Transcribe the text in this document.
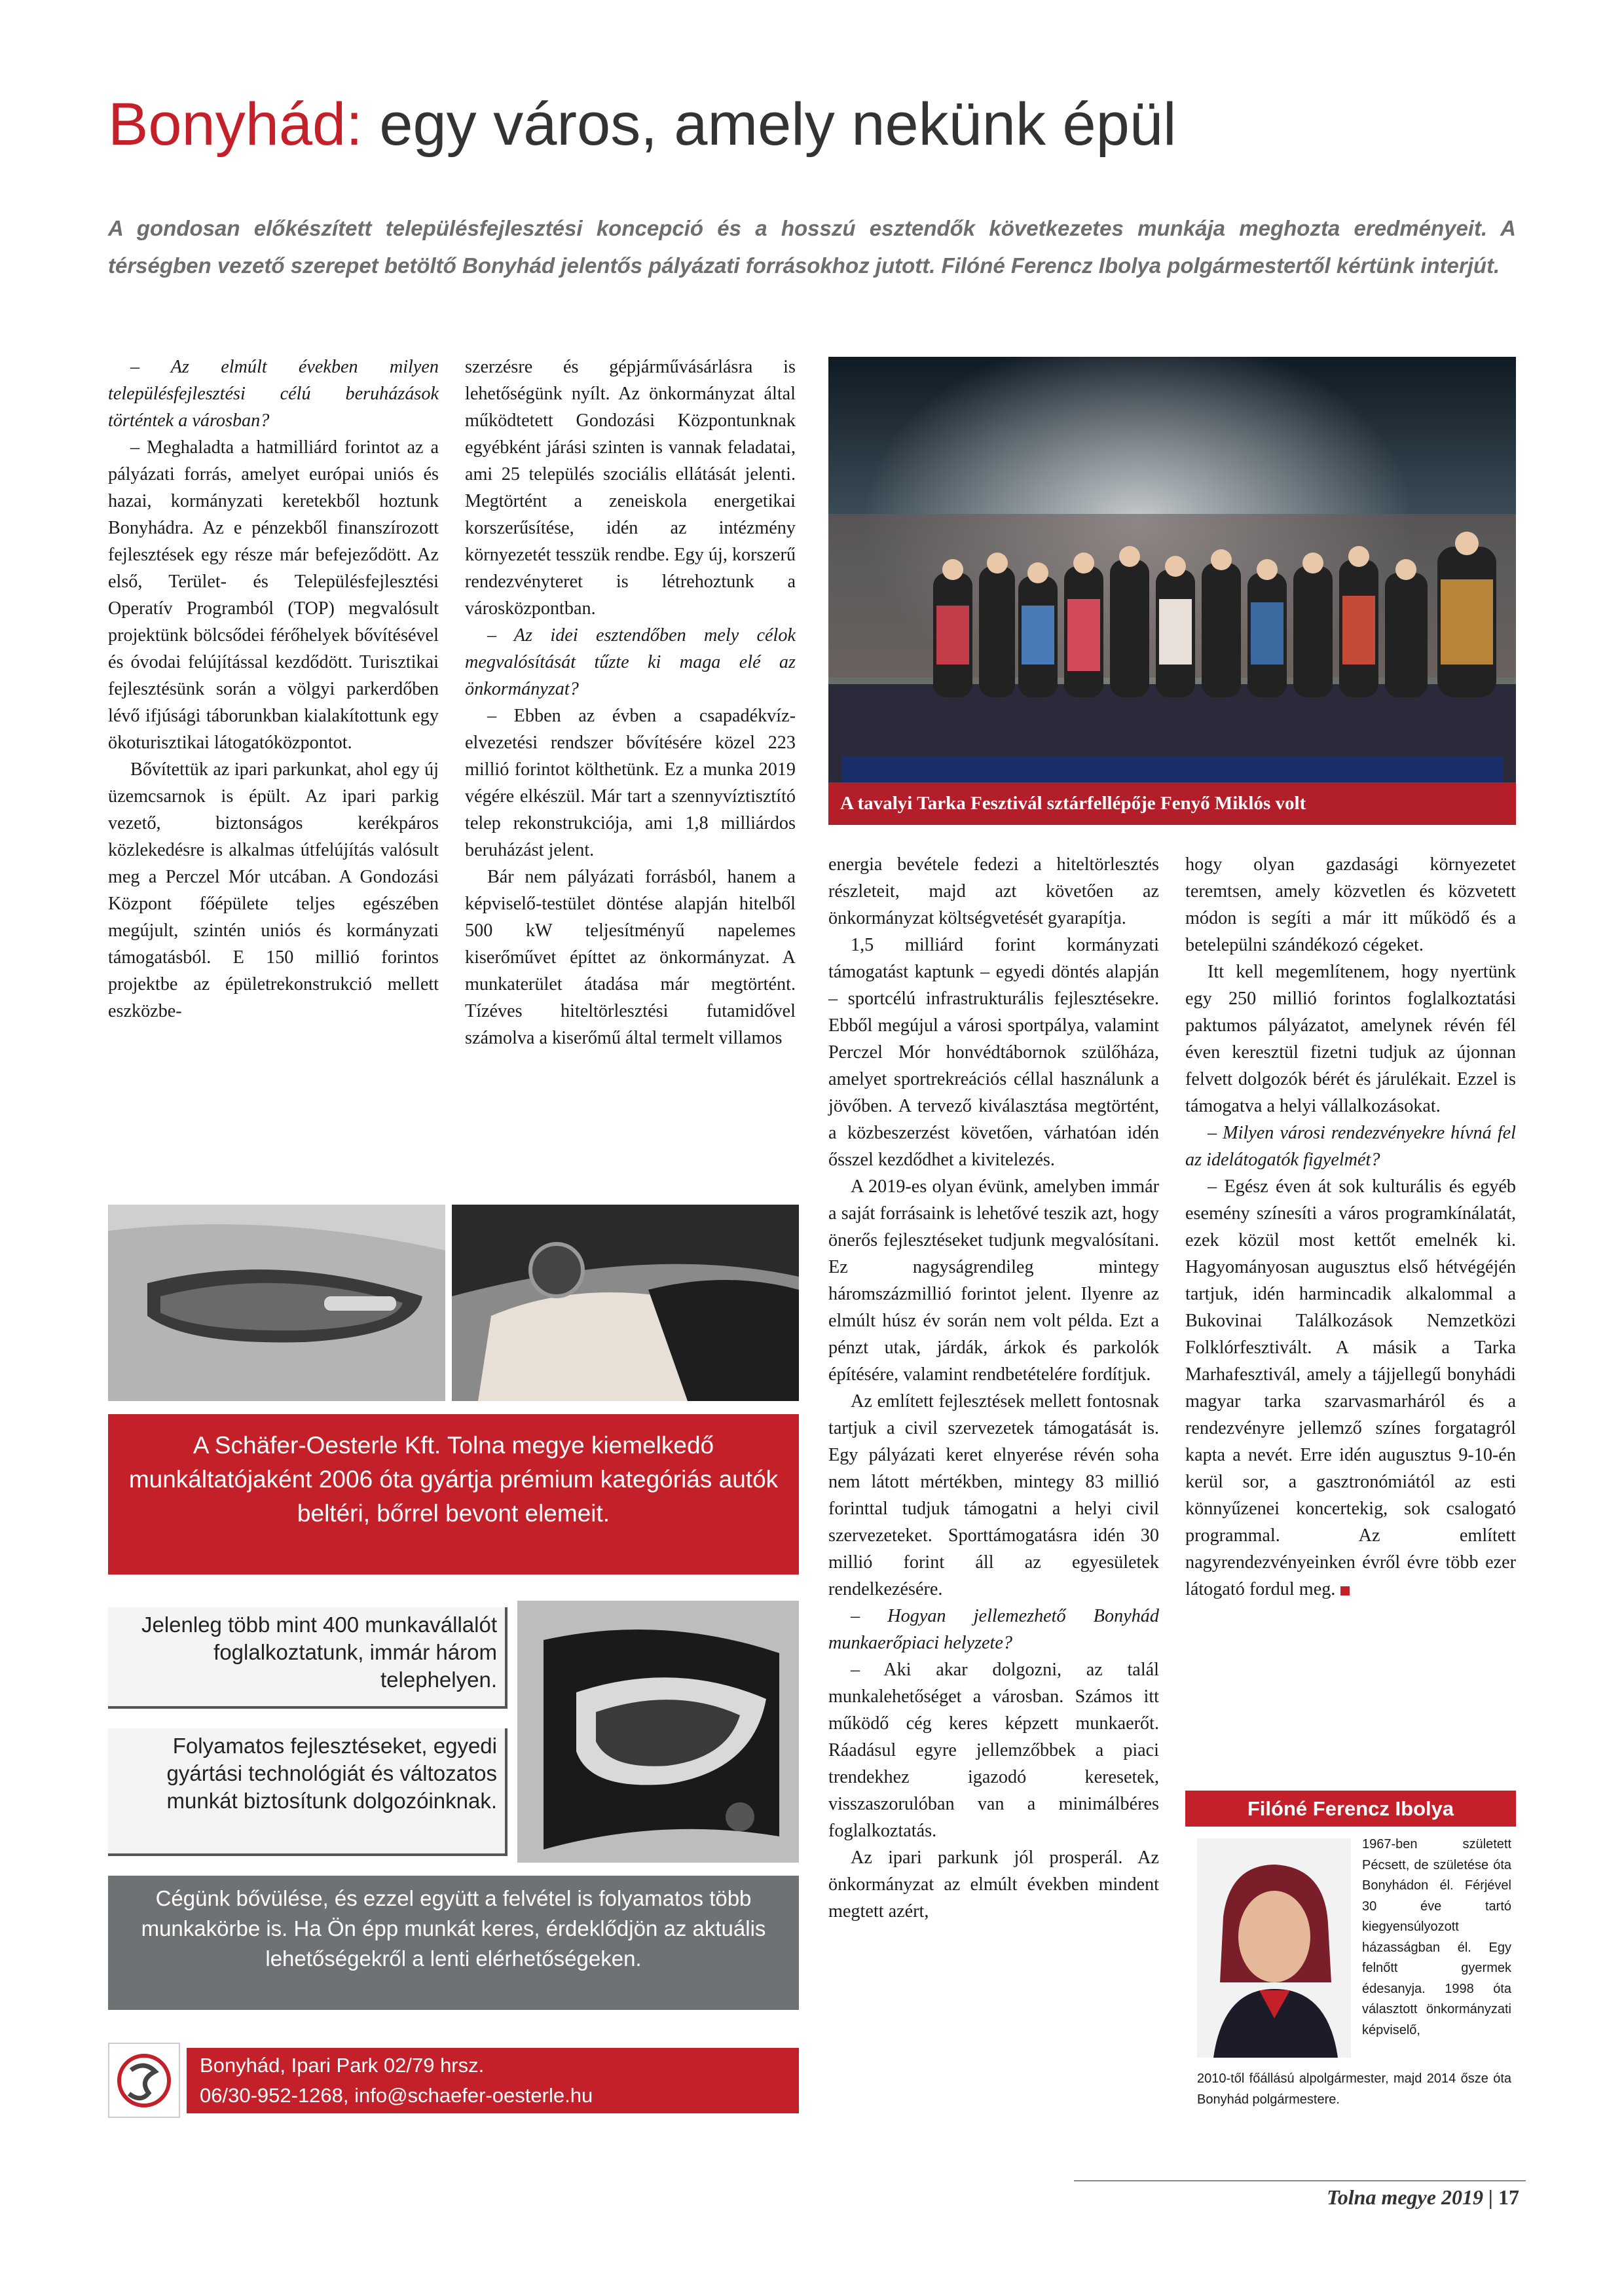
Bonyhád: egy város, amely nekünk épül
A gondosan előkészített településfejlesztési koncepció és a hosszú esztendők következetes munkája meghozta eredményeit. A térségben vezető szerepet betöltő Bonyhád jelentős pályázati forrásokhoz jutott. Filóné Ferencz Ibolya polgármestertől kértünk interjút.

– Az elmúlt években milyen településfejlesztési célú beruházások történtek a városban?

– Meghaladta a hatmilliárd forintot az a pályázati forrás, amelyet európai uniós és hazai, kormányzati keretekből hoztunk Bonyhádra. Az e pénzekből finanszírozott fejlesztések egy része már befejeződött. Az első, Terület- és Településfejlesztési Operatív Programból (TOP) megvalósult projektünk bölcsődei férőhelyek bővítésével és óvodai felújítással kezdődött. Turisztikai fejlesztésünk során a völgyi parkerdőben lévő ifjúsági táborunkban kialakítottunk egy ökoturisztikai látogatóközpontot.

Bővítettük az ipari parkunkat, ahol egy új üzemcsarnok is épült. Az ipari parkig vezető, biztonságos kerékpáros közlekedésre is alkalmas útfelújítás valósult meg a Perczel Mór utcában. A Gondozási Központ főépülete teljes egészében megújult, szintén uniós és kormányzati támogatásból. E 150 millió forintos projektbe az épületrekonstrukció mellett eszközbe-

szerzésre és gépjárművásárlásra is lehetőségünk nyílt. Az önkormányzat által működtetett Gondozási Központunknak egyébként járási szinten is vannak feladatai, ami 25 település szociális ellátását jelenti. Megtörtént a zeneiskola energetikai korszerűsítése, idén az intézmény környezetét tesszük rendbe. Egy új, korszerű rendezvényteret is létrehoztunk a városközpontban.

– Az idei esztendőben mely célok megvalósítását tűzte ki maga elé az önkormányzat?

– Ebben az évben a csapadékvíz-elvezetési rendszer bővítésére közel 223 millió forintot költhetünk. Ez a munka 2019 végére elkészül. Már tart a szennyvíztisztító telep rekonstrukciója, ami 1,8 milliárdos beruházást jelent.

Bár nem pályázati forrásból, hanem a képviselő-testület döntése alapján hitelből 500 kW teljesítményű napelemes kiserőművet építtet az önkormányzat. A munkaterület átadása már megtörtént. Tízéves hiteltörlesztési futamidővel számolva a kiserőmű által termelt villamos

A tavalyi Tarka Fesztivál sztárfellépője Fenyő Miklós volt

energia bevétele fedezi a hiteltörlesztés részleteit, majd azt követően az önkormányzat költségvetését gyarapítja.

1,5 milliárd forint kormányzati támogatást kaptunk – egyedi döntés alapján – sportcélú infrastrukturális fejlesztésekre. Ebből megújul a városi sportpálya, valamint Perczel Mór honvédtábornok szülőháza, amelyet sportrekreációs céllal használunk a jövőben. A tervező kiválasztása megtörtént, a közbeszerzést követően, várhatóan idén ősszel kezdődhet a kivitelezés.

A 2019-es olyan évünk, amelyben immár a saját forrásaink is lehetővé teszik azt, hogy önerős fejlesztéseket tudjunk megvalósítani. Ez nagyságrendileg mintegy háromszázmillió forintot jelent. Ilyenre az elmúlt húsz év során nem volt példa. Ezt a pénzt utak, járdák, árkok és parkolók építésére, valamint rendbetételére fordítjuk.

Az említett fejlesztések mellett fontosnak tartjuk a civil szervezetek támogatását is. Egy pályázati keret elnyerése révén soha nem látott mértékben, mintegy 83 millió forinttal tudjuk támogatni a helyi civil szervezeteket. Sporttámogatásra idén 30 millió forint áll az egyesületek rendelkezésére.

– Hogyan jellemezhető Bonyhád munkaerőpiaci helyzete?

– Aki akar dolgozni, az talál munkalehetőséget a városban. Számos itt működő cég keres képzett munkaerőt. Ráadásul egyre jellemzőbbek a piaci trendekhez igazodó keresetek, visszaszorulóban van a minimálbéres foglalkoztatás.

Az ipari parkunk jól prosperál. Az önkormányzat az elmúlt években mindent megtett azért,

hogy olyan gazdasági környezetet teremtsen, amely közvetlen és közvetett módon is segíti a már itt működő és a betelepülni szándékozó cégeket.

Itt kell megemlítenem, hogy nyertünk egy 250 millió forintos foglalkoztatási paktumos pályázatot, amelynek révén fél éven keresztül fizetni tudjuk az újonnan felvett dolgozók bérét és járulékait. Ezzel is támogatva a helyi vállalkozásokat.

– Milyen városi rendezvényekre hívná fel az idelátogatók figyelmét?

– Egész éven át sok kulturális és egyéb esemény színesíti a város programkínálatát, ezek közül most kettőt emelnék ki. Hagyományosan augusztus első hétvégéjén tartjuk, idén harmincadik alkalommal a Bukovinai Találkozások Nemzetközi Folklórfesztivált. A másik a Tarka Marhafesztivál, amely a tájjellegű bonyhádi magyar tarka szarvasmarháról és a rendezvényre jellemző színes forgatagról kapta a nevét. Erre idén augusztus 9-10-én kerül sor, a gasztronómiától az esti könnyűzenei koncertekig, sok csalogató programmal. Az említett nagyrendezvényeinken évről évre több ezer látogató fordul meg.

A Schäfer-Oesterle Kft. Tolna megye kiemelkedő munkáltatójaként 2006 óta gyártja prémium kategóriás autók beltéri, bőrrel bevont elemeit.
Jelenleg több mint 400 munkavállalót foglalkoztatunk, immár három telephelyen.
Folyamatos fejlesztéseket, egyedi gyártási technológiát és változatos munkát biztosítunk dolgozóinknak.
Cégünk bővülése, és ezzel együtt a felvétel is folyamatos több munkakörbe is. Ha Ön épp munkát keres, érdeklődjön az aktuális lehetőségekről a lenti elérhetőségeken.
Bonyhád, Ipari Park 02/79 hrsz.
06/30-952-1268, info@schaefer-oesterle.hu
Filóné Ferencz Ibolya
1967-ben született Pécsett, de születése óta Bonyhádon él. Férjével 30 éve tartó kiegyensúlyozott házasságban él. Egy felnőtt gyermek édesanyja. 1998 óta választott önkormányzati képviselő,
2010-től főállású alpolgármester, majd 2014 ősze óta Bonyhád polgármestere.
Tolna megye 2019 | 17
